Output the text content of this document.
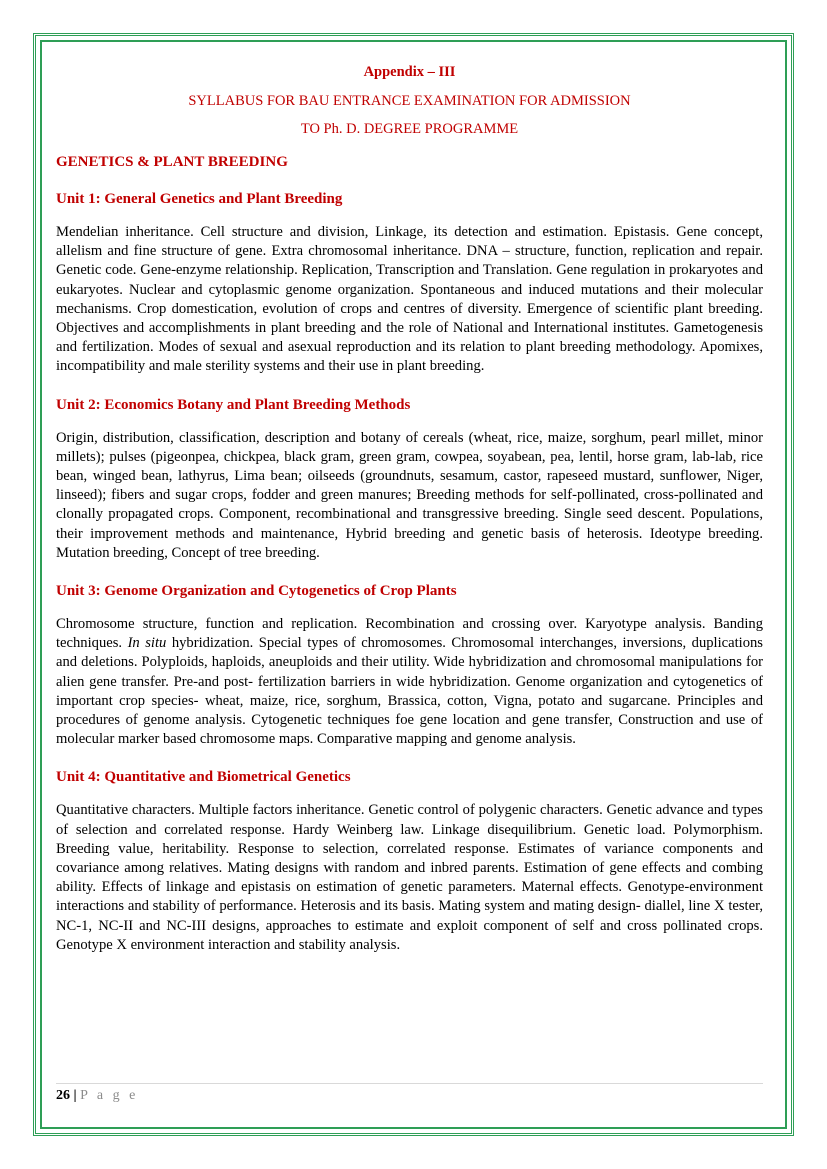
Appendix – III
SYLLABUS FOR BAU ENTRANCE EXAMINATION FOR ADMISSION
TO Ph. D. DEGREE PROGRAMME
GENETICS & PLANT BREEDING
Unit 1: General Genetics and Plant Breeding
Mendelian inheritance. Cell structure and division, Linkage, its detection and estimation. Epistasis. Gene concept, allelism and fine structure of gene. Extra chromosomal inheritance. DNA – structure, function, replication and repair. Genetic code. Gene-enzyme relationship. Replication, Transcription and Translation. Gene regulation in prokaryotes and eukaryotes. Nuclear and cytoplasmic genome organization. Spontaneous and induced mutations and their molecular mechanisms. Crop domestication, evolution of crops and centres of diversity. Emergence of scientific plant breeding. Objectives and accomplishments in plant breeding and the role of National and International institutes. Gametogenesis and fertilization. Modes of sexual and asexual reproduction and its relation to plant breeding methodology. Apomixes, incompatibility and male sterility systems and their use in plant breeding.
Unit 2: Economics Botany and Plant Breeding Methods
Origin, distribution, classification, description and botany of cereals (wheat, rice, maize, sorghum, pearl millet, minor millets); pulses (pigeonpea, chickpea, black gram, green gram, cowpea, soyabean, pea, lentil, horse gram, lab-lab, rice bean, winged bean, lathyrus, Lima bean; oilseeds (groundnuts, sesamum, castor, rapeseed mustard, sunflower, Niger, linseed); fibers and sugar crops, fodder and green manures; Breeding methods for self-pollinated, cross-pollinated and clonally propagated crops. Component, recombinational and transgressive breeding. Single seed descent. Populations, their improvement methods and maintenance, Hybrid breeding and genetic basis of heterosis. Ideotype breeding. Mutation breeding, Concept of tree breeding.
Unit 3: Genome Organization and Cytogenetics of Crop Plants
Chromosome structure, function and replication. Recombination and crossing over. Karyotype analysis. Banding techniques. In situ hybridization. Special types of chromosomes. Chromosomal interchanges, inversions, duplications and deletions. Polyploids, haploids, aneuploids and their utility. Wide hybridization and chromosomal manipulations for alien gene transfer. Pre-and post- fertilization barriers in wide hybridization. Genome organization and cytogenetics of important crop species- wheat, maize, rice, sorghum, Brassica, cotton, Vigna, potato and sugarcane. Principles and procedures of genome analysis. Cytogenetic techniques foe gene location and gene transfer, Construction and use of molecular marker based chromosome maps. Comparative mapping and genome analysis.
Unit 4: Quantitative and Biometrical Genetics
Quantitative characters. Multiple factors inheritance. Genetic control of polygenic characters. Genetic advance and types of selection and correlated response. Hardy Weinberg law. Linkage disequilibrium. Genetic load. Polymorphism. Breeding value, heritability. Response to selection, correlated response. Estimates of variance components and covariance among relatives. Mating designs with random and inbred parents. Estimation of gene effects and combing ability. Effects of linkage and epistasis on estimation of genetic parameters. Maternal effects. Genotype-environment interactions and stability of performance. Heterosis and its basis. Mating system and mating design- diallel, line X tester, NC-1, NC-II and NC-III designs, approaches to estimate and exploit component of self and cross pollinated crops. Genotype X environment interaction and stability analysis.
26 | P a g e
